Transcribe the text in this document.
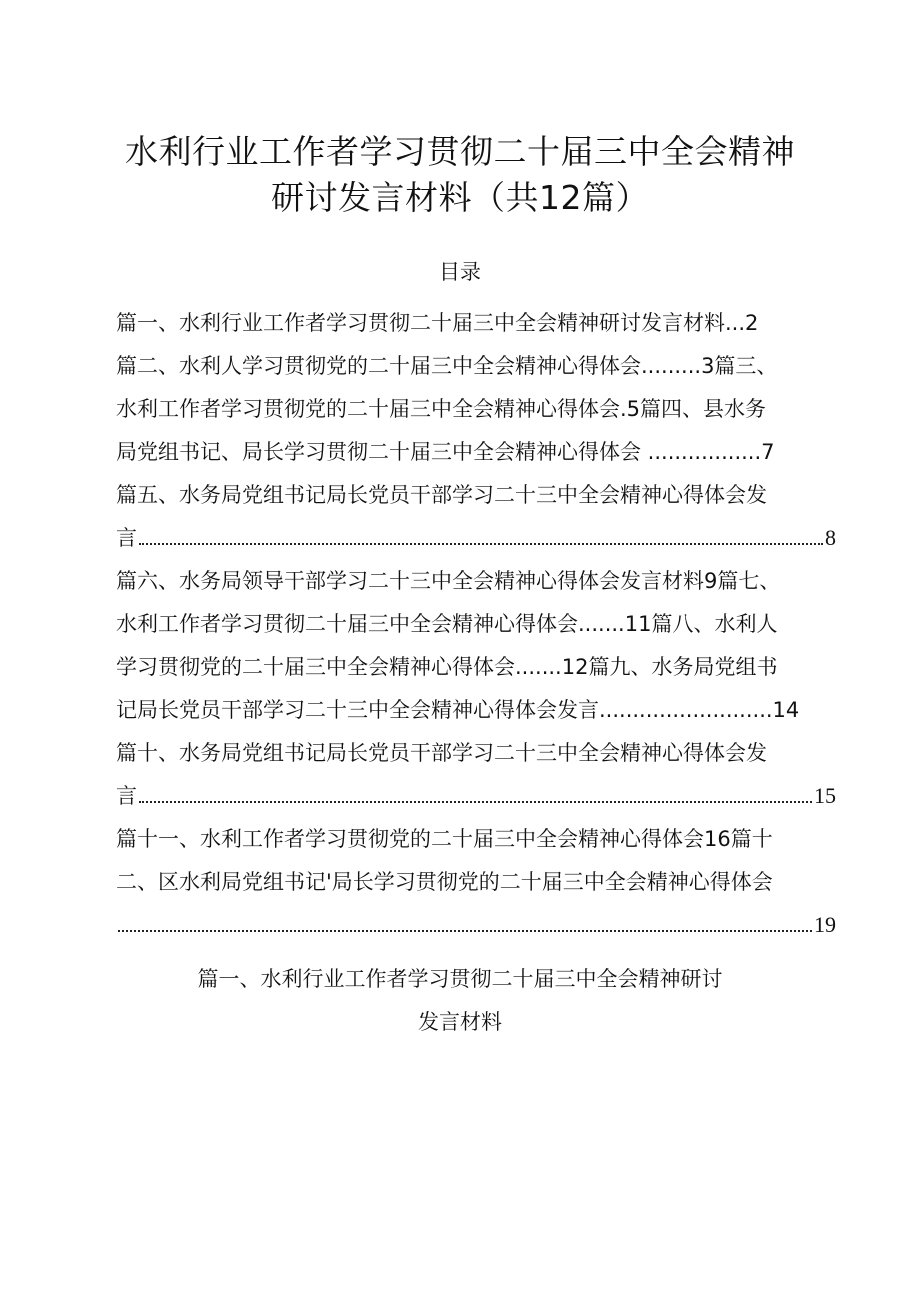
水利行业工作者学习贯彻二十届三中全会精神
研讨发言材料（共12篇）
目录
篇一、水利行业工作者学习贯彻二十届三中全会精神研讨发言材料...2
篇二、水利人学习贯彻党的二十届三中全会精神心得体会.........3篇三、
水利工作者学习贯彻党的二十届三中全会精神心得体会.5篇四、县水务
局党组书记、局长学习贯彻二十届三中全会精神心得体会 .................7
篇五、水务局党组书记局长党员干部学习二十三中全会精神心得体会发
言	8
篇六、水务局领导干部学习二十三中全会精神心得体会发言材料9篇七、
水利工作者学习贯彻二十届三中全会精神心得体会.......11篇八、水利人
学习贯彻党的二十届三中全会精神心得体会.......12篇九、水务局党组书
记局长党员干部学习二十三中全会精神心得体会发言..........................14
篇十、水务局党组书记局长党员干部学习二十三中全会精神心得体会发
言	15
篇十一、水利工作者学习贯彻党的二十届三中全会精神心得体会16篇十
二、区水利局党组书记'局长学习贯彻党的二十届三中全会精神心得体会
19
篇一、水利行业工作者学习贯彻二十届三中全会精神研讨
发言材料
